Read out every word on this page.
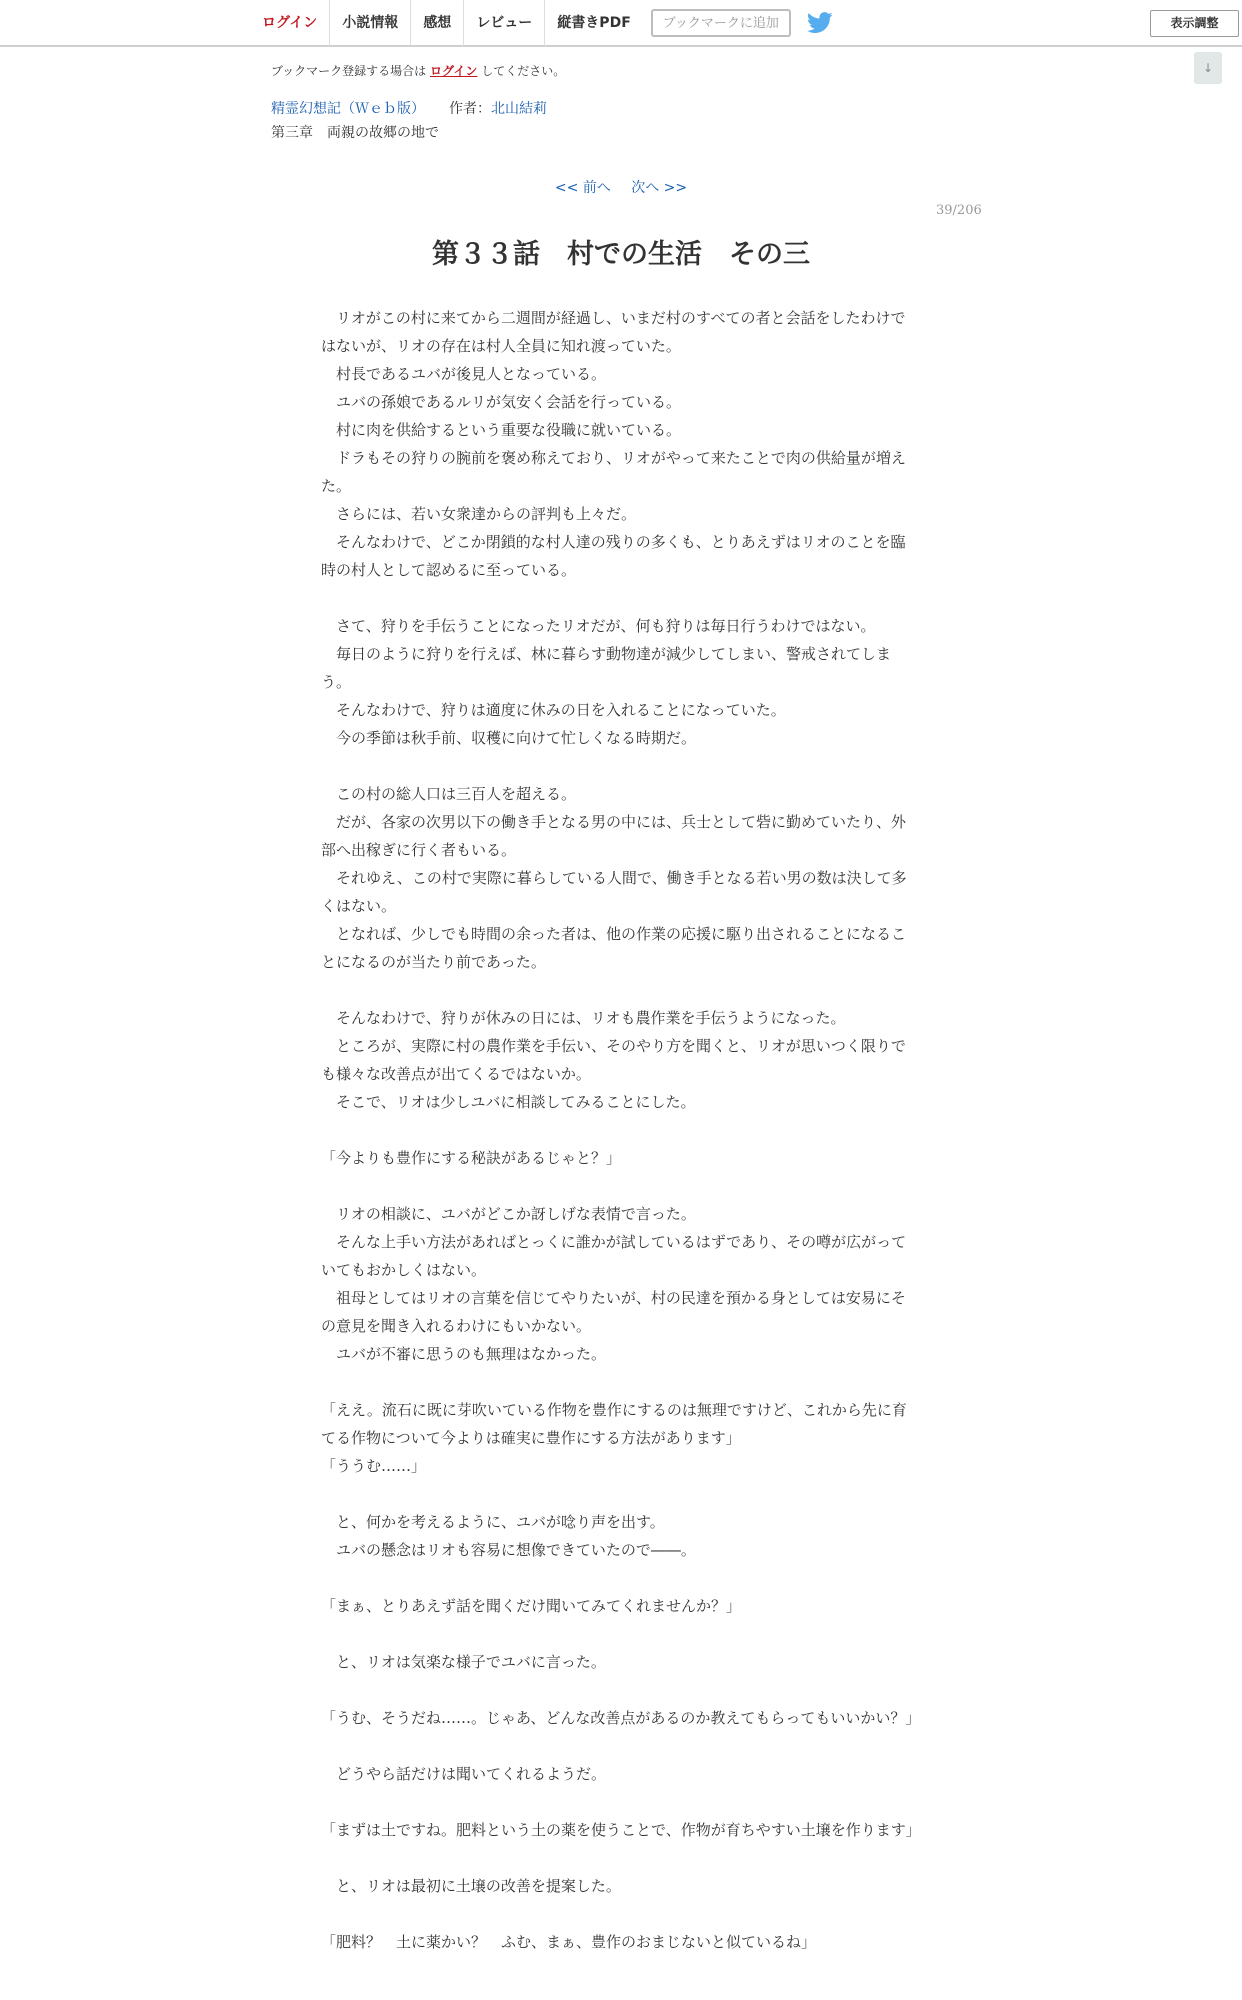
ログイン	小説情報	感想	レビュー	縦書きPDF	ブックマークに追加	表示調整
↓
ブックマーク登録する場合は ログイン してください。
精霊幻想記（Ｗｅｂ版） 作者：北山結莉
第三章　両親の故郷の地で
<< 前へ 次へ >>
39/206
第３３話　村での生活　その三

　リオがこの村に来てから二週間が経過し、いまだ村のすべての者と会話をしたわけではないが、リオの存在は村人全員に知れ渡っていた。

　村長であるユバが後見人となっている。

　ユバの孫娘であるルリが気安く会話を行っている。

　村に肉を供給するという重要な役職に就いている。

　ドラもその狩りの腕前を褒め称えており、リオがやって来たことで肉の供給量が増えた。

　さらには、若い女衆達からの評判も上々だ。

　そんなわけで、どこか閉鎖的な村人達の残りの多くも、とりあえずはリオのことを臨時の村人として認めるに至っている。

　さて、狩りを手伝うことになったリオだが、何も狩りは毎日行うわけではない。

　毎日のように狩りを行えば、林に暮らす動物達が減少してしまい、警戒されてしまう。

　そんなわけで、狩りは適度に休みの日を入れることになっていた。

　今の季節は秋手前、収穫に向けて忙しくなる時期だ。

　この村の総人口は三百人を超える。

　だが、各家の次男以下の働き手となる男の中には、兵士として砦に勤めていたり、外部へ出稼ぎに行く者もいる。

　それゆえ、この村で実際に暮らしている人間で、働き手となる若い男の数は決して多くはない。

　となれば、少しでも時間の余った者は、他の作業の応援に駆り出されることになることになるのが当たり前であった。

　そんなわけで、狩りが休みの日には、リオも農作業を手伝うようになった。

　ところが、実際に村の農作業を手伝い、そのやり方を聞くと、リオが思いつく限りでも様々な改善点が出てくるではないか。

　そこで、リオは少しユバに相談してみることにした。

「今よりも豊作にする秘訣があるじゃと？」

　リオの相談に、ユバがどこか訝しげな表情で言った。

　そんな上手い方法があればとっくに誰かが試しているはずであり、その噂が広がっていてもおかしくはない。

　祖母としてはリオの言葉を信じてやりたいが、村の民達を預かる身としては安易にその意見を聞き入れるわけにもいかない。

　ユバが不審に思うのも無理はなかった。

「ええ。流石に既に芽吹いている作物を豊作にするのは無理ですけど、これから先に育てる作物について今よりは確実に豊作にする方法があります」

「ううむ……」

　と、何かを考えるように、ユバが唸り声を出す。

　ユバの懸念はリオも容易に想像できていたので――。

「まぁ、とりあえず話を聞くだけ聞いてみてくれませんか？」

　と、リオは気楽な様子でユバに言った。

「うむ、そうだね……。じゃあ、どんな改善点があるのか教えてもらってもいいかい？」

　どうやら話だけは聞いてくれるようだ。

「まずは土ですね。肥料という土の薬を使うことで、作物が育ちやすい土壌を作ります」

　と、リオは最初に土壌の改善を提案した。

「肥料？　土に薬かい？　ふむ、まぁ、豊作のおまじないと似ているね」
